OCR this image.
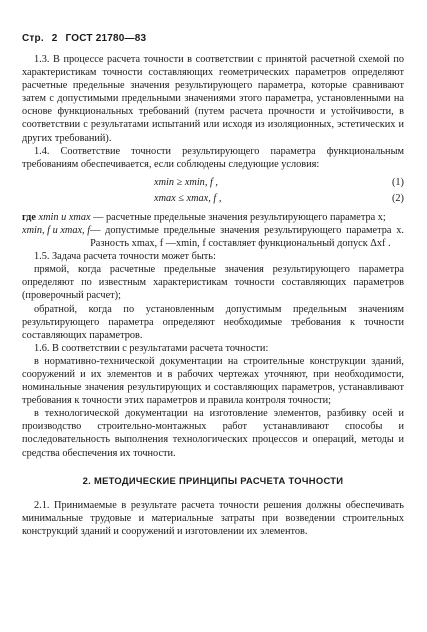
Стр. 2 ГОСТ 21780—83

1.3. В процессе расчета точности в соответствии с принятой расчетной схемой по характеристикам точности составляющих геометрических параметров определяют расчетные предельные значения результирующего параметра, которые сравнивают затем с допустимыми предельными значениями этого параметра, установленными на основе функциональных требований (путем расчета прочности и устойчивости, в соответствии с результатами испытаний или исходя из изоляционных, эстетических и других требований).

1.4. Соответствие точности результирующего параметра функциональным требованиям обеспечивается, если соблюдены следующие условия:

xmin ≥ xmin, f ,	(1)
xmax ≤ xmax, f ,	(2)
где xmin и xmax — расчетные предельные значения результирующего параметра x;
xmin, f и xmax, f — допустимые предельные значения результирующего параметра x. Разность xmax, f —xmin, f составляет функциональный допуск Δxf .

1.5. Задача расчета точности может быть:

прямой, когда расчетные предельные значения результирующего параметра определяют по известным характеристикам точности составляющих параметров (проверочный расчет);

обратной, когда по установленным допустимым предельным значениям результирующего параметра определяют необходимые требования к точности составляющих параметров.

1.6. В соответствии с результатами расчета точности:

в нормативно-технической документации на строительные конструкции зданий, сооружений и их элементов и в рабочих чертежах уточняют, при необходимости, номинальные значения результирующих и составляющих параметров, устанавливают требования к точности этих параметров и правила контроля точности;

в технологической документации на изготовление элементов, разбивку осей и производство строительно-монтажных работ устанавливают способы и последовательность выполнения технологических процессов и операций, методы и средства обеспечения их точности.

2. МЕТОДИЧЕСКИЕ ПРИНЦИПЫ РАСЧЕТА ТОЧНОСТИ

2.1. Принимаемые в результате расчета точности решения должны обеспечивать минимальные трудовые и материальные затраты при возведении строительных конструкций зданий и сооружений и изготовлении их элементов.
